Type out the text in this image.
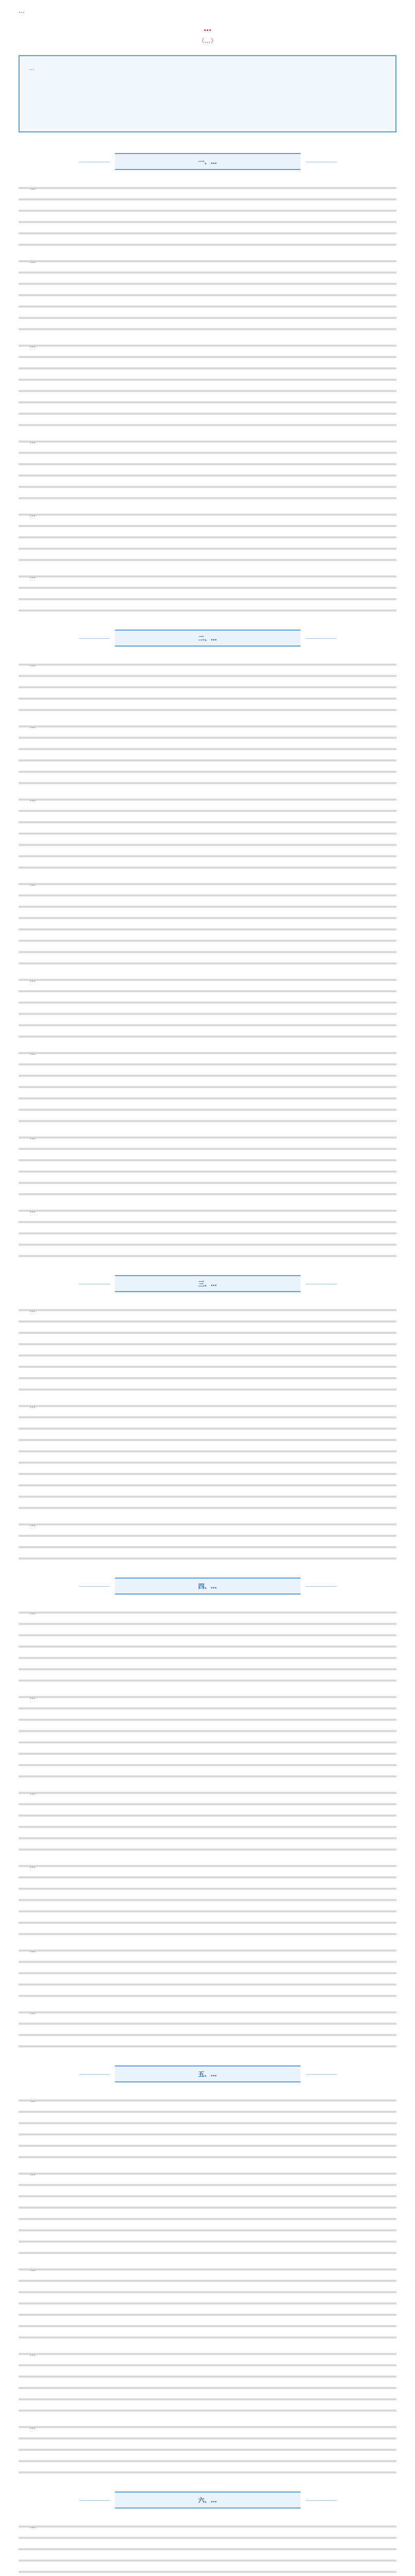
…
…
（…）
…
一、…

…

…

…

…

…

…

二、…

…

…

…

…

…

…

…

…

三、…

…

…

…

四、…

…

…

…

…

…

…

五、…

…

…

…

…

…

六、…

…
